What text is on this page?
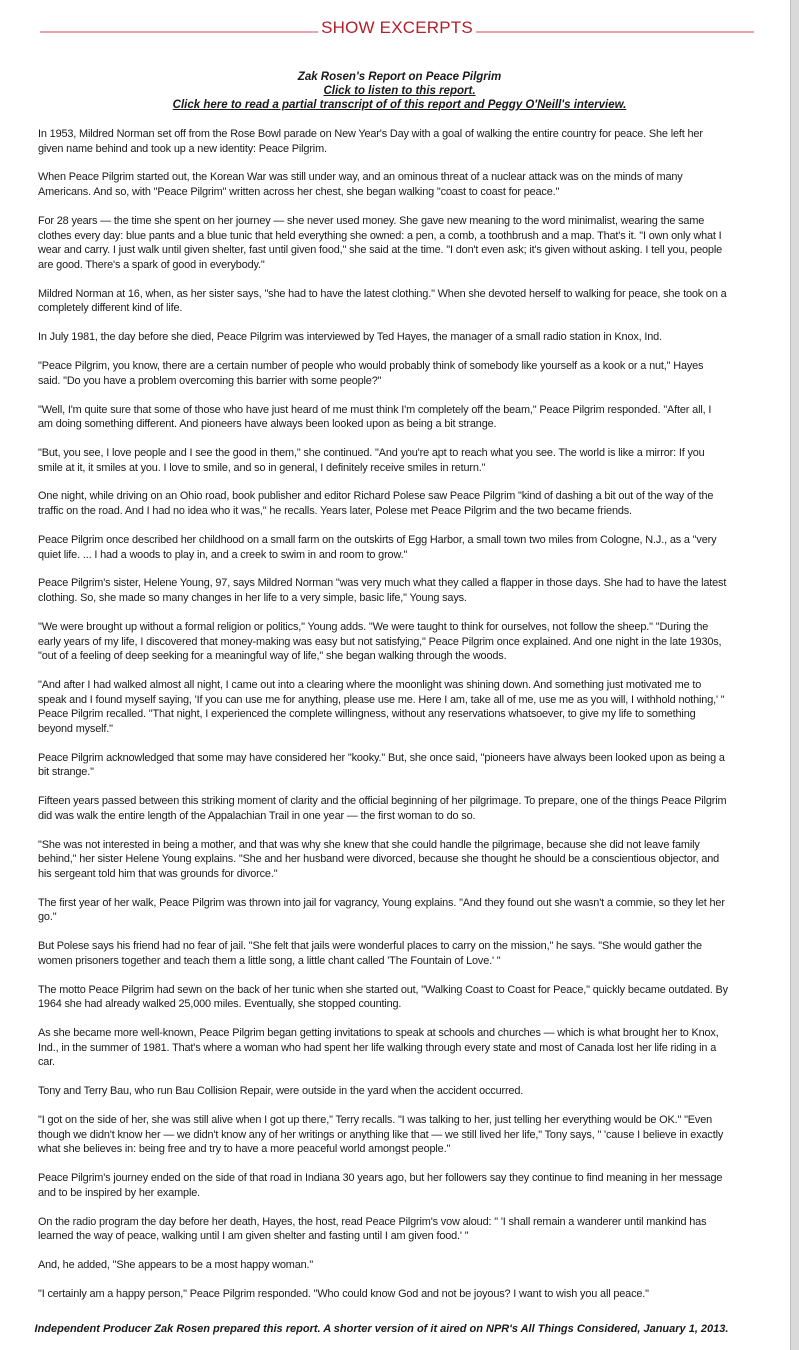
SHOW EXCERPTS
Zak Rosen's Report on Peace Pilgrim
Click to listen to this report.
Click here to read a partial transcript of of this report and Peggy O'Neill's interview.

In 1953, Mildred Norman set off from the Rose Bowl parade on New Year's Day with a goal of walking the entire country for peace. She left her given name behind and took up a new identity: Peace Pilgrim.

When Peace Pilgrim started out, the Korean War was still under way, and an ominous threat of a nuclear attack was on the minds of many Americans. And so, with "Peace Pilgrim" written across her chest, she began walking "coast to coast for peace."

For 28 years — the time she spent on her journey — she never used money. She gave new meaning to the word minimalist, wearing the same clothes every day: blue pants and a blue tunic that held everything she owned: a pen, a comb, a toothbrush and a map. That's it. "I own only what I wear and carry. I just walk until given shelter, fast until given food," she said at the time. "I don't even ask; it's given without asking. I tell you, people are good. There's a spark of good in everybody."

Mildred Norman at 16, when, as her sister says, "she had to have the latest clothing." When she devoted herself to walking for peace, she took on a completely different kind of life.

In July 1981, the day before she died, Peace Pilgrim was interviewed by Ted Hayes, the manager of a small radio station in Knox, Ind.

"Peace Pilgrim, you know, there are a certain number of people who would probably think of somebody like yourself as a kook or a nut," Hayes said. "Do you have a problem overcoming this barrier with some people?"

"Well, I'm quite sure that some of those who have just heard of me must think I'm completely off the beam," Peace Pilgrim responded. "After all, I am doing something different. And pioneers have always been looked upon as being a bit strange.

"But, you see, I love people and I see the good in them," she continued. "And you're apt to reach what you see. The world is like a mirror: If you smile at it, it smiles at you. I love to smile, and so in general, I definitely receive smiles in return."

One night, while driving on an Ohio road, book publisher and editor Richard Polese saw Peace Pilgrim "kind of dashing a bit out of the way of the traffic on the road. And I had no idea who it was," he recalls. Years later, Polese met Peace Pilgrim and the two became friends.

Peace Pilgrim once described her childhood on a small farm on the outskirts of Egg Harbor, a small town two miles from Cologne, N.J., as a "very quiet life. ... I had a woods to play in, and a creek to swim in and room to grow."

Peace Pilgrim's sister, Helene Young, 97, says Mildred Norman "was very much what they called a flapper in those days. She had to have the latest clothing. So, she made so many changes in her life to a very simple, basic life," Young says.

"We were brought up without a formal religion or politics," Young adds. "We were taught to think for ourselves, not follow the sheep." "During the early years of my life, I discovered that money-making was easy but not satisfying," Peace Pilgrim once explained. And one night in the late 1930s, "out of a feeling of deep seeking for a meaningful way of life," she began walking through the woods.

"And after I had walked almost all night, I came out into a clearing where the moonlight was shining down. And something just motivated me to speak and I found myself saying, 'If you can use me for anything, please use me. Here I am, take all of me, use me as you will, I withhold nothing,' " Peace Pilgrim recalled. "That night, I experienced the complete willingness, without any reservations whatsoever, to give my life to something beyond myself."

Peace Pilgrim acknowledged that some may have considered her "kooky." But, she once said, "pioneers have always been looked upon as being a bit strange."

Fifteen years passed between this striking moment of clarity and the official beginning of her pilgrimage. To prepare, one of the things Peace Pilgrim did was walk the entire length of the Appalachian Trail in one year — the first woman to do so.

"She was not interested in being a mother, and that was why she knew that she could handle the pilgrimage, because she did not leave family behind," her sister Helene Young explains. "She and her husband were divorced, because she thought he should be a conscientious objector, and his sergeant told him that was grounds for divorce."

The first year of her walk, Peace Pilgrim was thrown into jail for vagrancy, Young explains. "And they found out she wasn't a commie, so they let her go."

But Polese says his friend had no fear of jail. "She felt that jails were wonderful places to carry on the mission," he says. "She would gather the women prisoners together and teach them a little song, a little chant called 'The Fountain of Love.' "

The motto Peace Pilgrim had sewn on the back of her tunic when she started out, "Walking Coast to Coast for Peace," quickly became outdated. By 1964 she had already walked 25,000 miles. Eventually, she stopped counting.

As she became more well-known, Peace Pilgrim began getting invitations to speak at schools and churches — which is what brought her to Knox, Ind., in the summer of 1981. That's where a woman who had spent her life walking through every state and most of Canada lost her life riding in a car.

Tony and Terry Bau, who run Bau Collision Repair, were outside in the yard when the accident occurred.

"I got on the side of her, she was still alive when I got up there," Terry recalls. "I was talking to her, just telling her everything would be OK." "Even though we didn't know her — we didn't know any of her writings or anything like that — we still lived her life," Tony says, " 'cause I believe in exactly what she believes in: being free and try to have a more peaceful world amongst people."

Peace Pilgrim's journey ended on the side of that road in Indiana 30 years ago, but her followers say they continue to find meaning in her message and to be inspired by her example.

On the radio program the day before her death, Hayes, the host, read Peace Pilgrim's vow aloud: " 'I shall remain a wanderer until mankind has learned the way of peace, walking until I am given shelter and fasting until I am given food.' "

And, he added, "She appears to be a most happy woman."

"I certainly am a happy person," Peace Pilgrim responded. "Who could know God and not be joyous? I want to wish you all peace."

Independent Producer Zak Rosen prepared this report. A shorter version of it aired on NPR's All Things Considered, January 1, 2013.
